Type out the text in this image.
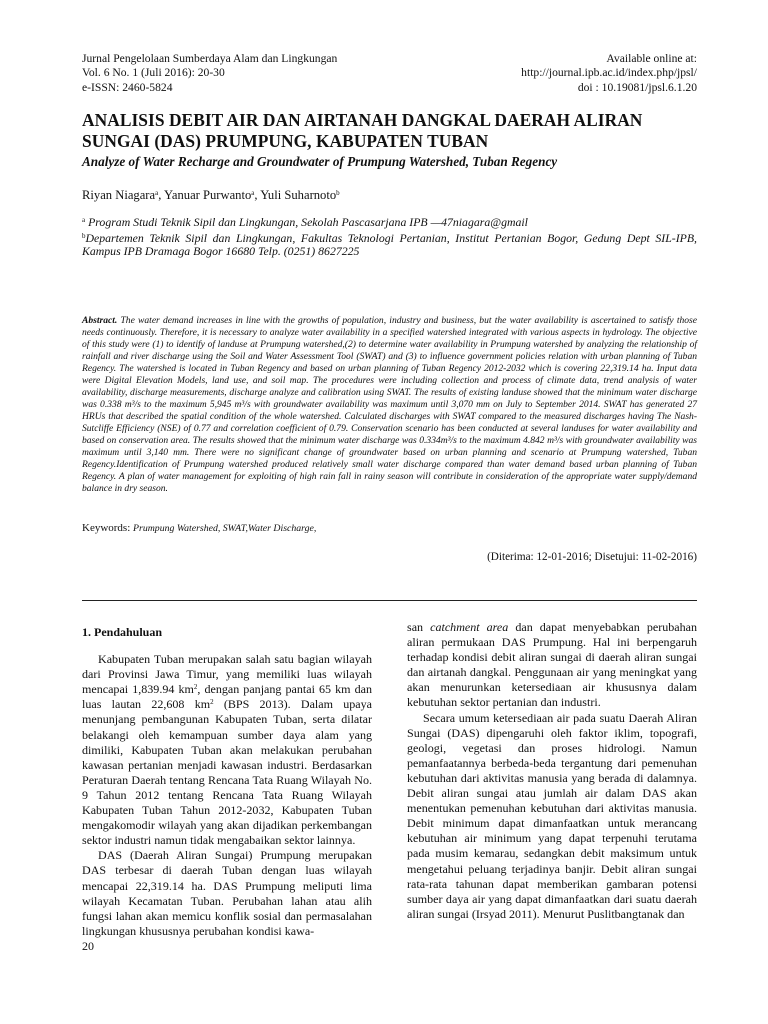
Jurnal Pengelolaan Sumberdaya Alam dan Lingkungan
Vol. 6 No. 1 (Juli 2016): 20-30
e-ISSN: 2460-5824
Available online at:
http://journal.ipb.ac.id/index.php/jpsl/
doi : 10.19081/jpsl.6.1.20
ANALISIS DEBIT AIR DAN AIRTANAH DANGKAL DAERAH ALIRAN
SUNGAI (DAS) PRUMPUNG, KABUPATEN TUBAN
Analyze of Water Recharge and Groundwater of Prumpung Watershed, Tuban Regency
Riyan Niagara$^a$, Yanuar Purwanto$^a$, Yuli Suharnoto$^b$
$^a$ Program Studi Teknik Sipil dan Lingkungan, Sekolah Pascasarjana IPB —47niagara@gmail
$^b$Departemen Teknik Sipil dan Lingkungan, Fakultas Teknologi Pertanian, Institut Pertanian Bogor, Gedung Dept SIL-IPB, Kampus IPB Dramaga Bogor 16680 Telp. (0251) 8627225
Abstract. The water demand increases in line with the growths of population, industry and business, but the water availability is ascertained to satisfy those needs continuously. Therefore, it is necessary to analyze water availability in a specified watershed integrated with various aspects in hydrology. The objective of this study were (1) to identify of landuse at Prumpung watershed,(2) to determine water availability in Prumpung watershed by analyzing the relationship of rainfall and river discharge using the Soil and Water Assessment Tool (SWAT) and (3) to influence government policies relation with urban planning of Tuban Regency. The watershed is located in Tuban Regency and based on urban planning of Tuban Regency 2012-2032 which is covering 22,319.14 ha. Input data were Digital Elevation Models, land use, and soil map. The procedures were including collection and process of climate data, trend analysis of water availability, discharge measurements, discharge analyze and calibration using SWAT. The results of existing landuse showed that the minimum water discharge was 0.338 m³/s to the maximum 5,945 m³/s with groundwater availability was maximum until 3,070 mm on July to September 2014. SWAT has generated 27 HRUs that described the spatial condition of the whole watershed. Calculated discharges with SWAT compared to the measured discharges having The Nash-Sutcliffe Efficiency (NSE) of 0.77 and correlation coefficient of 0.79. Conservation scenario has been conducted at several landuses for water availability and based on conservation area. The results showed that the minimum water discharge was 0.334m³/s to the maximum 4.842 m³/s with groundwater availability was maximum until 3,140 mm. There were no significant change of groundwater based on urban planning and scenario at Prumpung watershed, Tuban Regency.Identification of Prumpung watershed produced relatively small water discharge compared than water demand based urban planning of Tuban Regency. A plan of water management for exploiting of high rain fall in rainy season will contribute in consideration of the appropriate water supply/demand balance in dry season.
Keywords: Prumpung Watershed, SWAT,Water Discharge,
(Diterima: 12-01-2016; Disetujui: 11-02-2016)
1. Pendahuluan

Kabupaten Tuban merupakan salah satu bagian wilayah dari Provinsi Jawa Timur, yang memiliki luas wilayah mencapai 1,839.94 $km^2$, dengan panjang pantai 65 km dan luas lautan 22,608 $km^2$ (BPS 2013). Dalam upaya menunjang pembangunan Kabupaten Tuban, serta dilatar belakangi oleh kemampuan sumber daya alam yang dimiliki, Kabupaten Tuban akan melakukan perubahan kawasan pertanian menjadi kawasan industri. Berdasarkan Peraturan Daerah tentang Rencana Tata Ruang Wilayah No. 9 Tahun 2012 tentang Rencana Tata Ruang Wilayah Kabupaten Tuban Tahun 2012-2032, Kabupaten Tuban mengakomodir wilayah yang akan dijadikan perkembangan sektor industri namun tidak mengabaikan sektor lainnya.

DAS (Daerah Aliran Sungai) Prumpung merupakan DAS terbesar di daerah Tuban dengan luas wilayah mencapai 22,319.14 ha. DAS Prumpung meliputi lima wilayah Kecamatan Tuban. Perubahan lahan atau alih fungsi lahan akan memicu konflik sosial dan permasalahan lingkungan khususnya perubahan kondisi kawa-

20

san catchment area dan dapat menyebabkan perubahan aliran permukaan DAS Prumpung. Hal ini berpengaruh terhadap kondisi debit aliran sungai di daerah aliran sungai dan airtanah dangkal. Penggunaan air yang meningkat yang akan menurunkan ketersediaan air khususnya dalam kebutuhan sektor pertanian dan industri.

Secara umum ketersediaan air pada suatu Daerah Aliran Sungai (DAS) dipengaruhi oleh faktor iklim, topografi, geologi, vegetasi dan proses hidrologi. Namun pemanfaatannya berbeda-beda tergantung dari pemenuhan kebutuhan dari aktivitas manusia yang berada di dalamnya. Debit aliran sungai atau jumlah air dalam DAS akan menentukan pemenuhan kebutuhan dari aktivitas manusia. Debit minimum dapat dimanfaatkan untuk merancang kebutuhan air minimum yang dapat terpenuhi terutama pada musim kemarau, sedangkan debit maksimum untuk mengetahui peluang terjadinya banjir. Debit aliran sungai rata-rata tahunan dapat memberikan gambaran potensi sumber daya air yang dapat dimanfaatkan dari suatu daerah aliran sungai (Irsyad 2011). Menurut Puslitbangtanak dan
